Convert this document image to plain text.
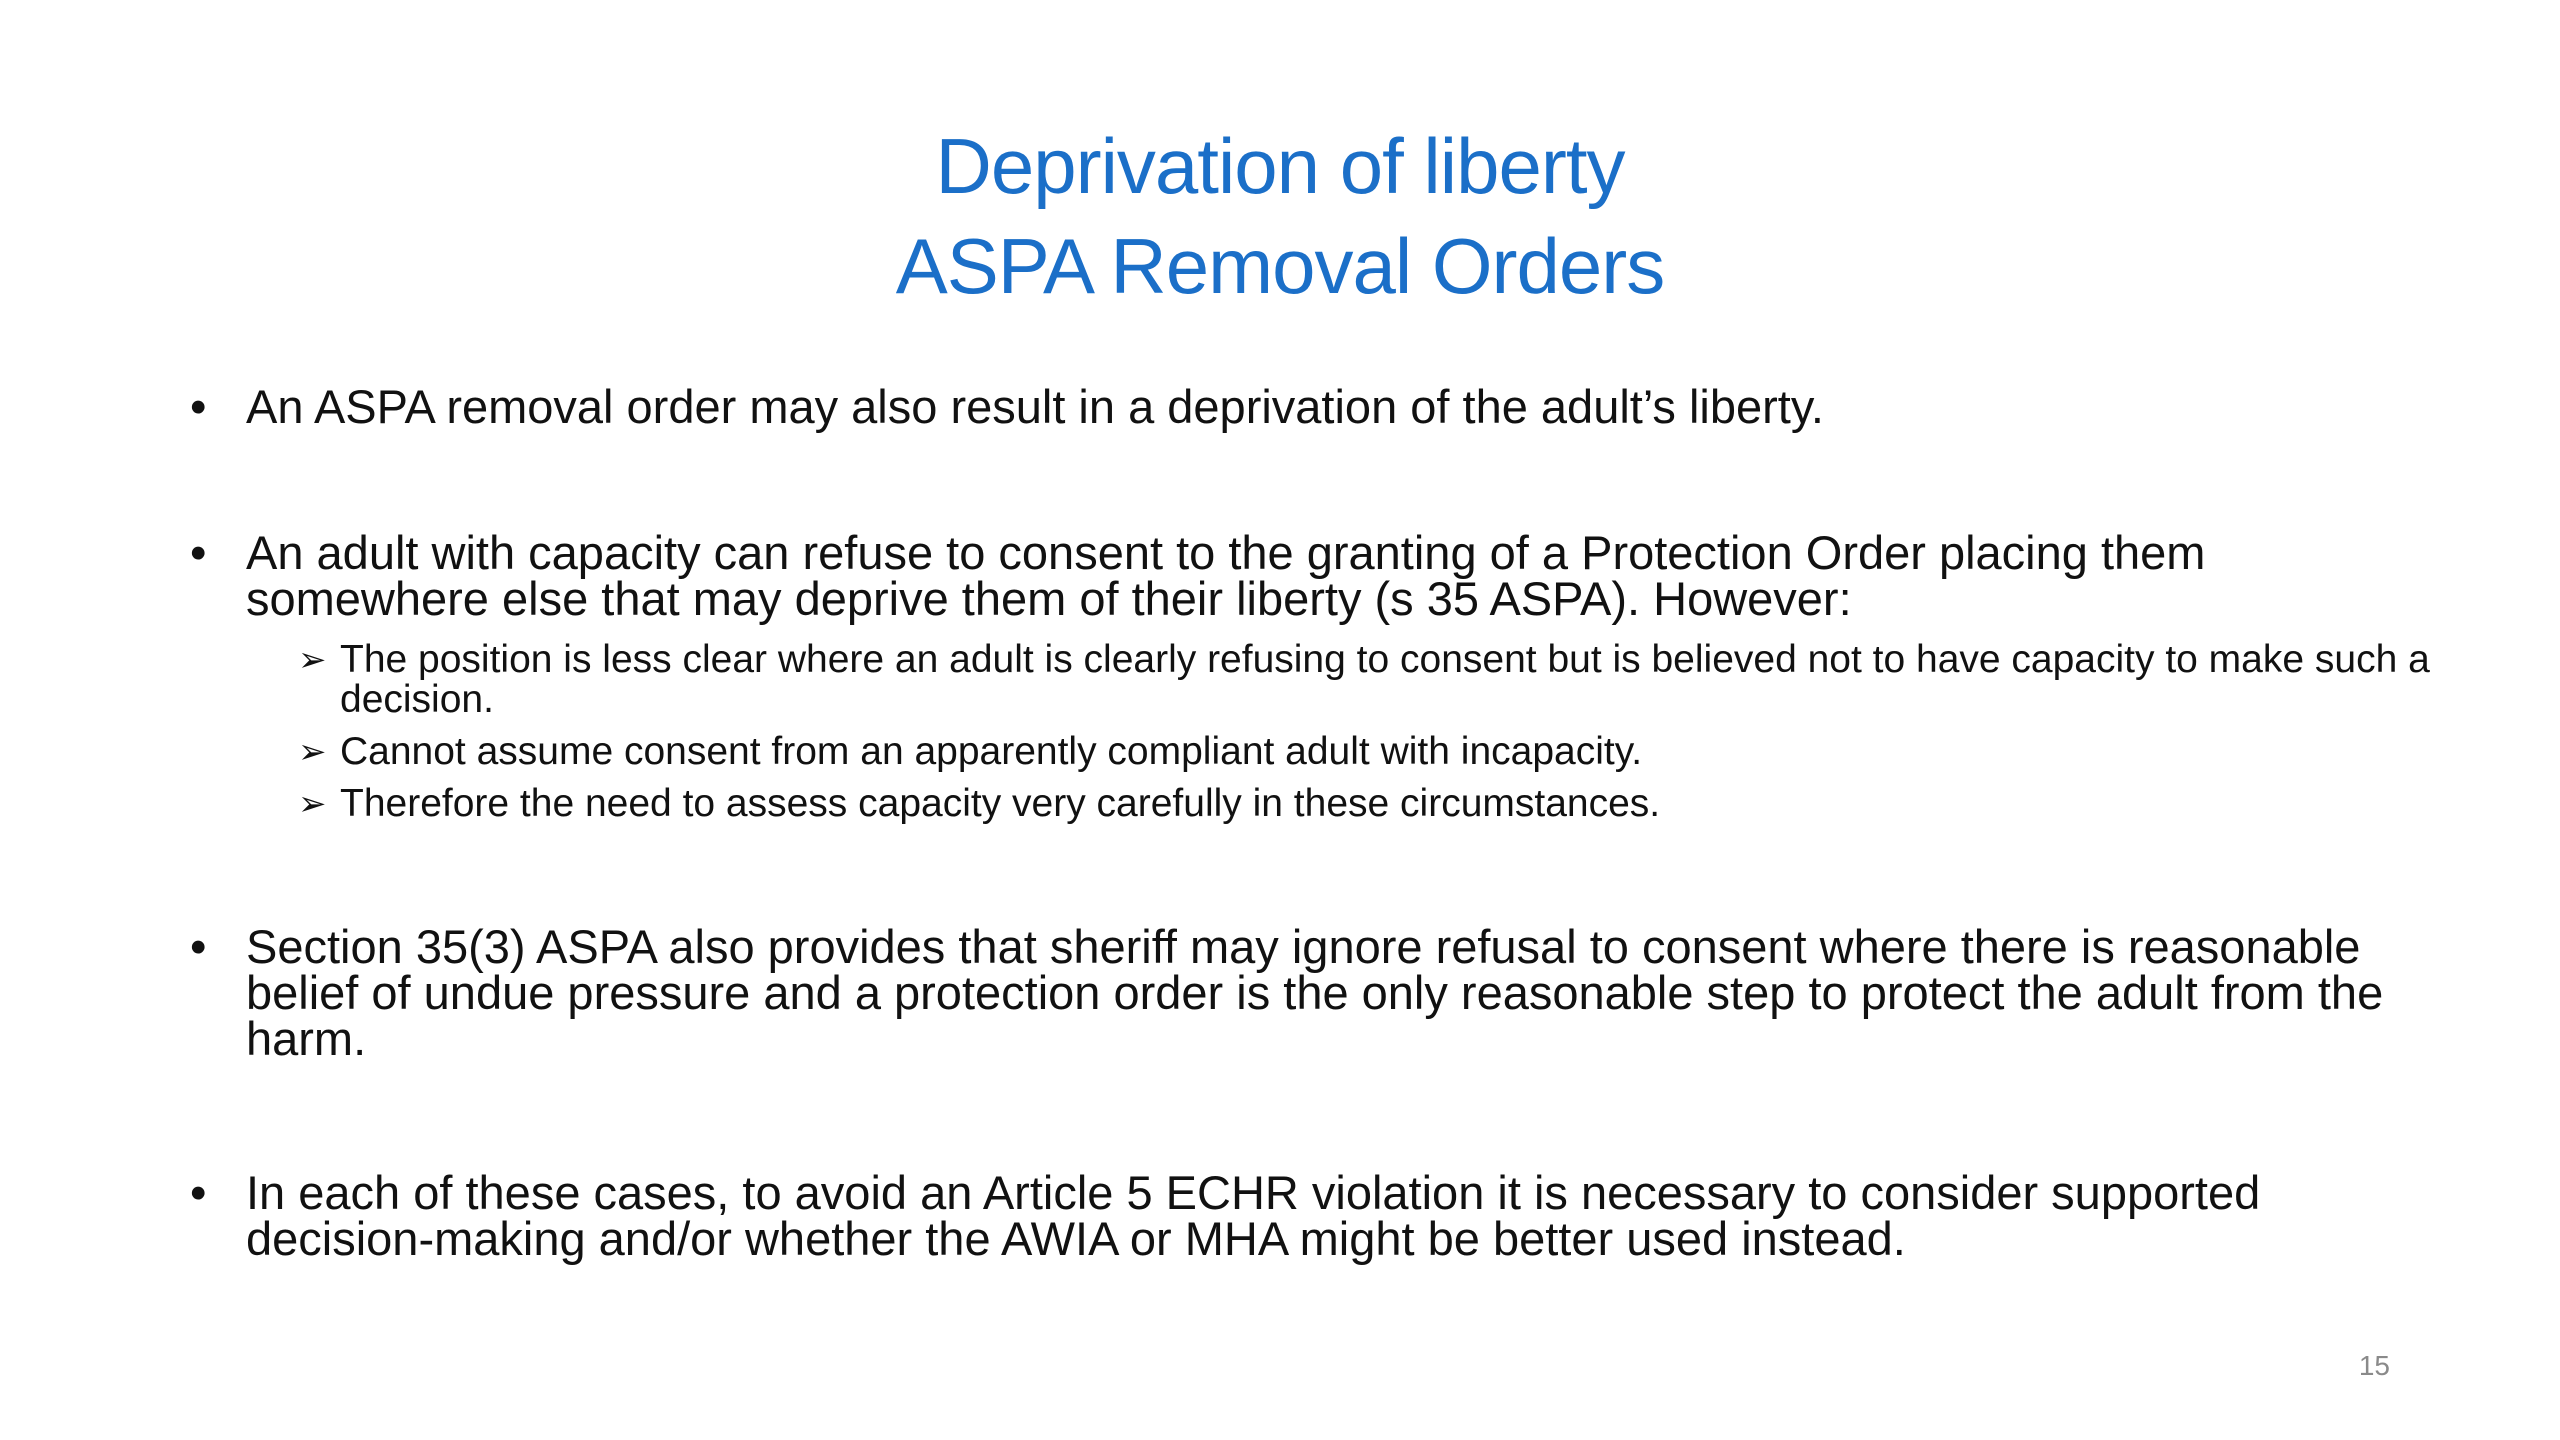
Deprivation of liberty
ASPA Removal Orders
• An ASPA removal order may also result in a deprivation of the adult’s liberty.
• An adult with capacity can refuse to consent to the granting of a Protection Order placing them somewhere else that may deprive them of their liberty (s 35 ASPA). However:
➢ The position is less clear where an adult is clearly refusing to consent but is believed not to have capacity to make such a decision.
➢ Cannot assume consent from an apparently compliant adult with incapacity.
➢ Therefore the need to assess capacity very carefully in these circumstances.
• Section 35(3) ASPA also provides that sheriff may ignore refusal to consent where there is reasonable belief of undue pressure and a protection order is the only reasonable step to protect the adult from the harm.
• In each of these cases, to avoid an Article 5 ECHR violation it is necessary to consider supported decision-making and/or whether the AWIA or MHA might be better used instead.
15
